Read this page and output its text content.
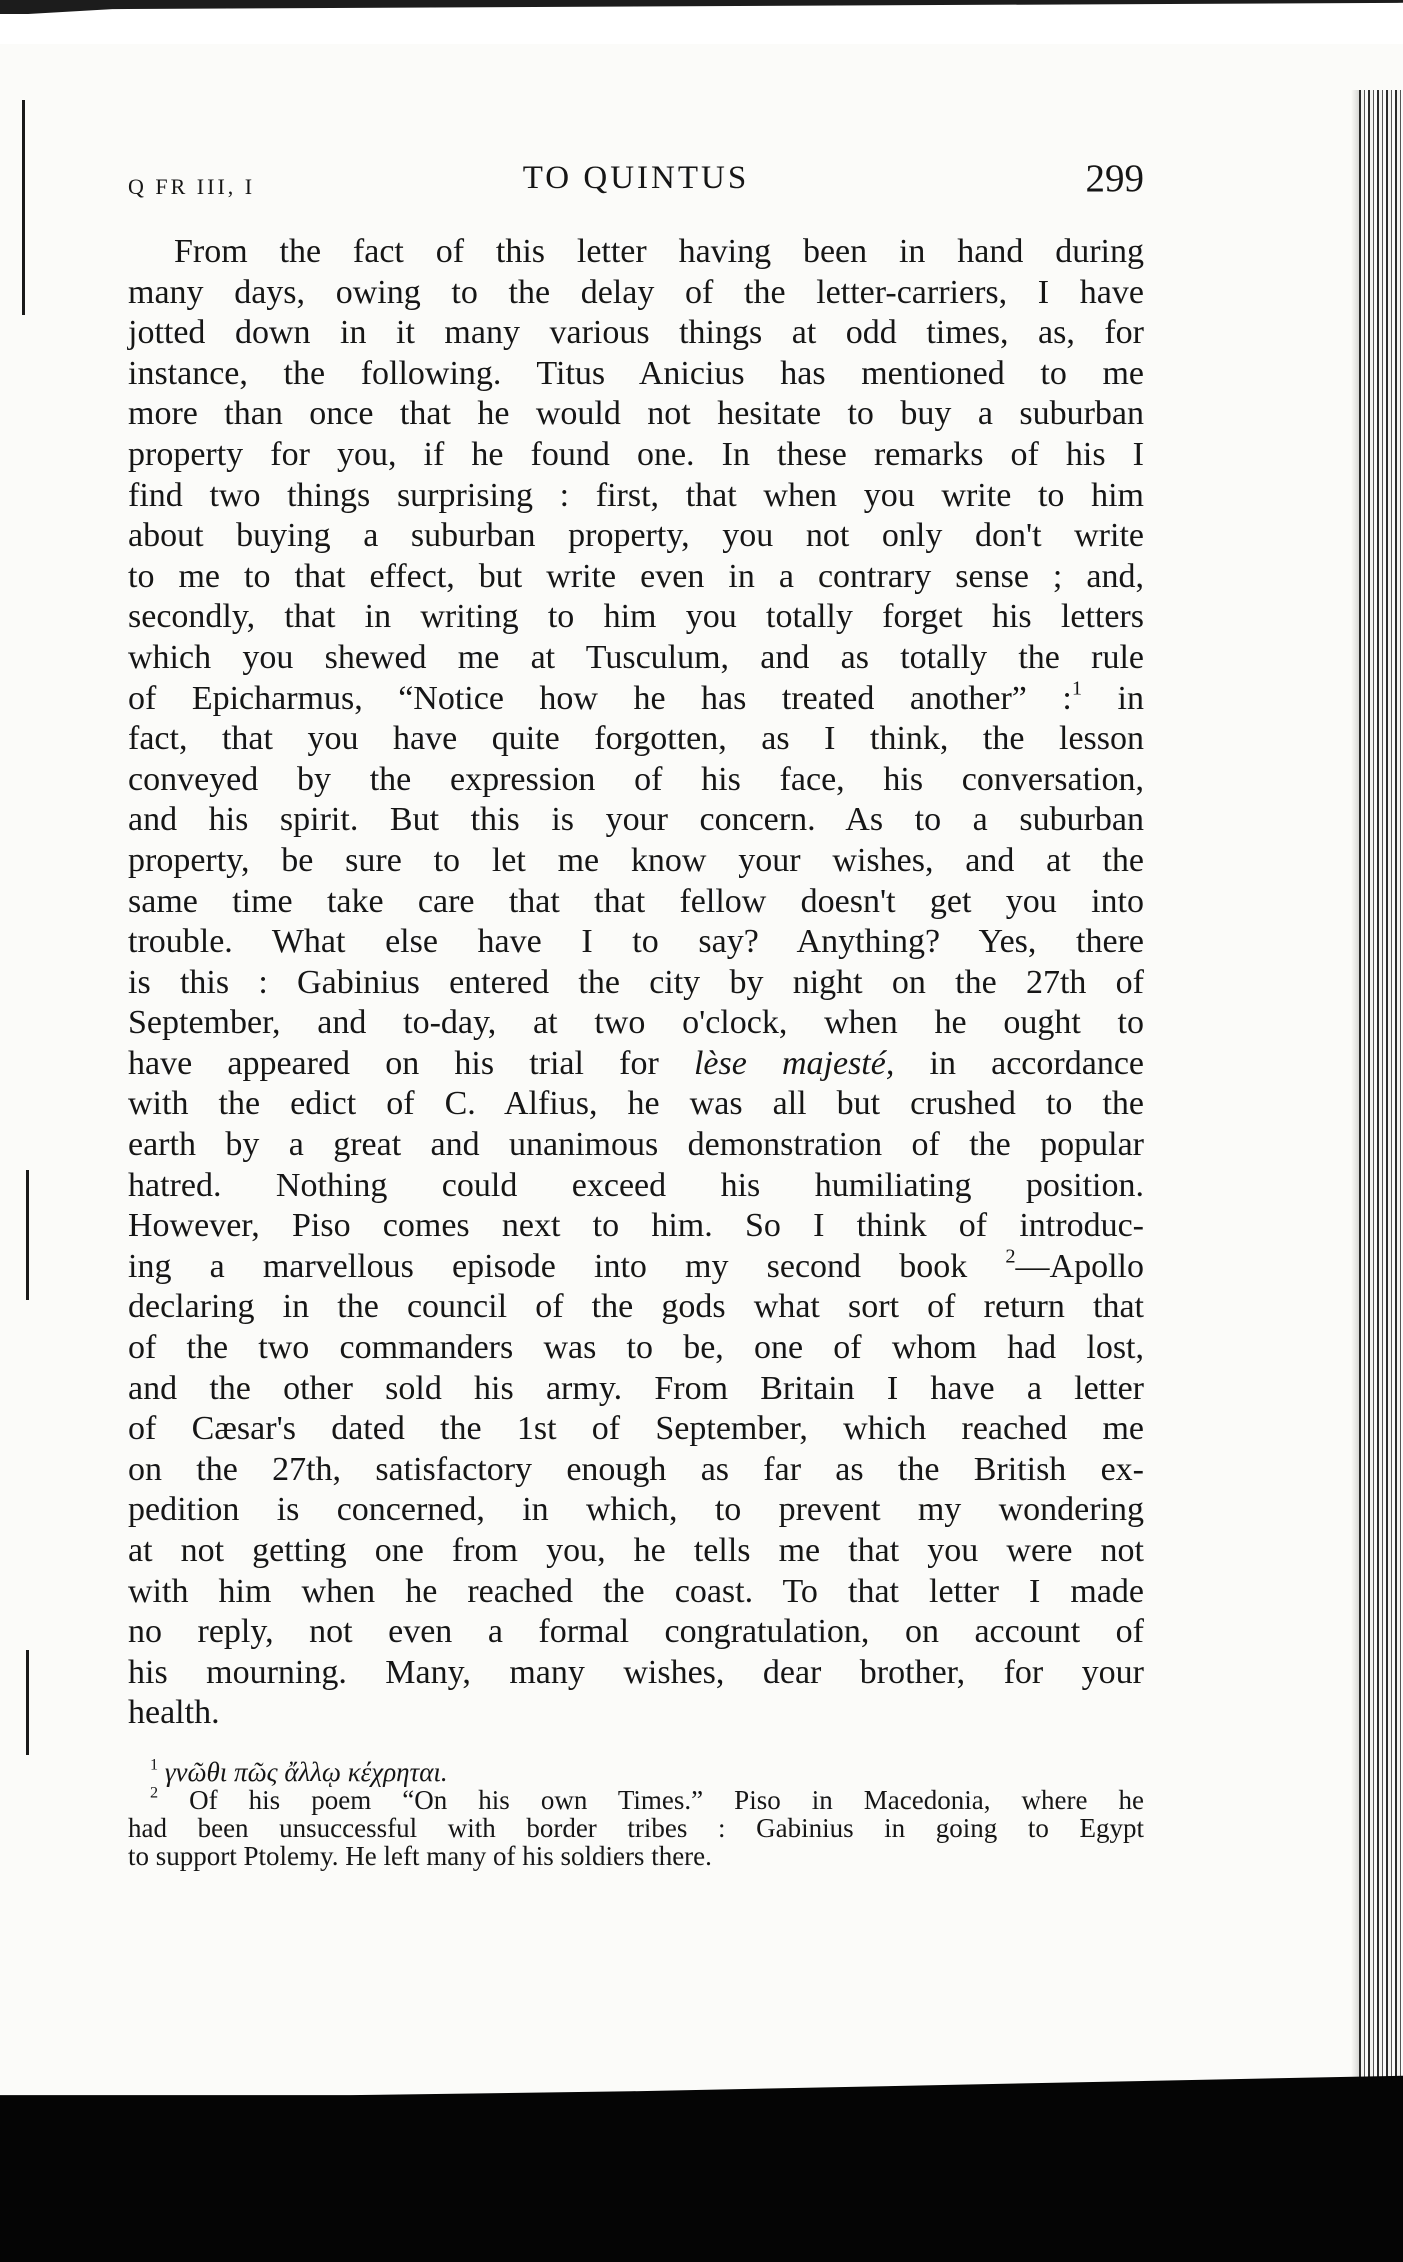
Q FR III, I	TO QUINTUS	299
From the fact of this letter having been in hand during
many days, owing to the delay of the letter-carriers, I have
jotted down in it many various things at odd times, as, for
instance, the following. Titus Anicius has mentioned to me
more than once that he would not hesitate to buy a suburban
property for you, if he found one. In these remarks of his I
find two things surprising : first, that when you write to him
about buying a suburban property, you not only don't write
to me to that effect, but write even in a contrary sense ; and,
secondly, that in writing to him you totally forget his letters
which you shewed me at Tusculum, and as totally the rule
of Epicharmus, “Notice how he has treated another” :$^1$ in
fact, that you have quite forgotten, as I think, the lesson
conveyed by the expression of his face, his conversation,
and his spirit. But this is your concern. As to a suburban
property, be sure to let me know your wishes, and at the
same time take care that that fellow doesn't get you into
trouble. What else have I to say? Anything? Yes, there
is this : Gabinius entered the city by night on the 27th of
September, and to-day, at two o'clock, when he ought to
have appeared on his trial for lèse majesté, in accordance
with the edict of C. Alfius, he was all but crushed to the
earth by a great and unanimous demonstration of the popular
hatred. Nothing could exceed his humiliating position.
However, Piso comes next to him. So I think of introduc-
ing a marvellous episode into my second book $^2$—Apollo
declaring in the council of the gods what sort of return that
of the two commanders was to be, one of whom had lost,
and the other sold his army. From Britain I have a letter
of Cæsar's dated the 1st of September, which reached me
on the 27th, satisfactory enough as far as the British ex-
pedition is concerned, in which, to prevent my wondering
at not getting one from you, he tells me that you were not
with him when he reached the coast. To that letter I made
no reply, not even a formal congratulation, on account of
his mourning. Many, many wishes, dear brother, for your
health.
$^1$ γνῶθι πῶς ἄλλῳ κέχρηται.
$^2$ Of his poem “On his own Times.” Piso in Macedonia, where he
had been unsuccessful with border tribes : Gabinius in going to Egypt
to support Ptolemy. He left many of his soldiers there.
